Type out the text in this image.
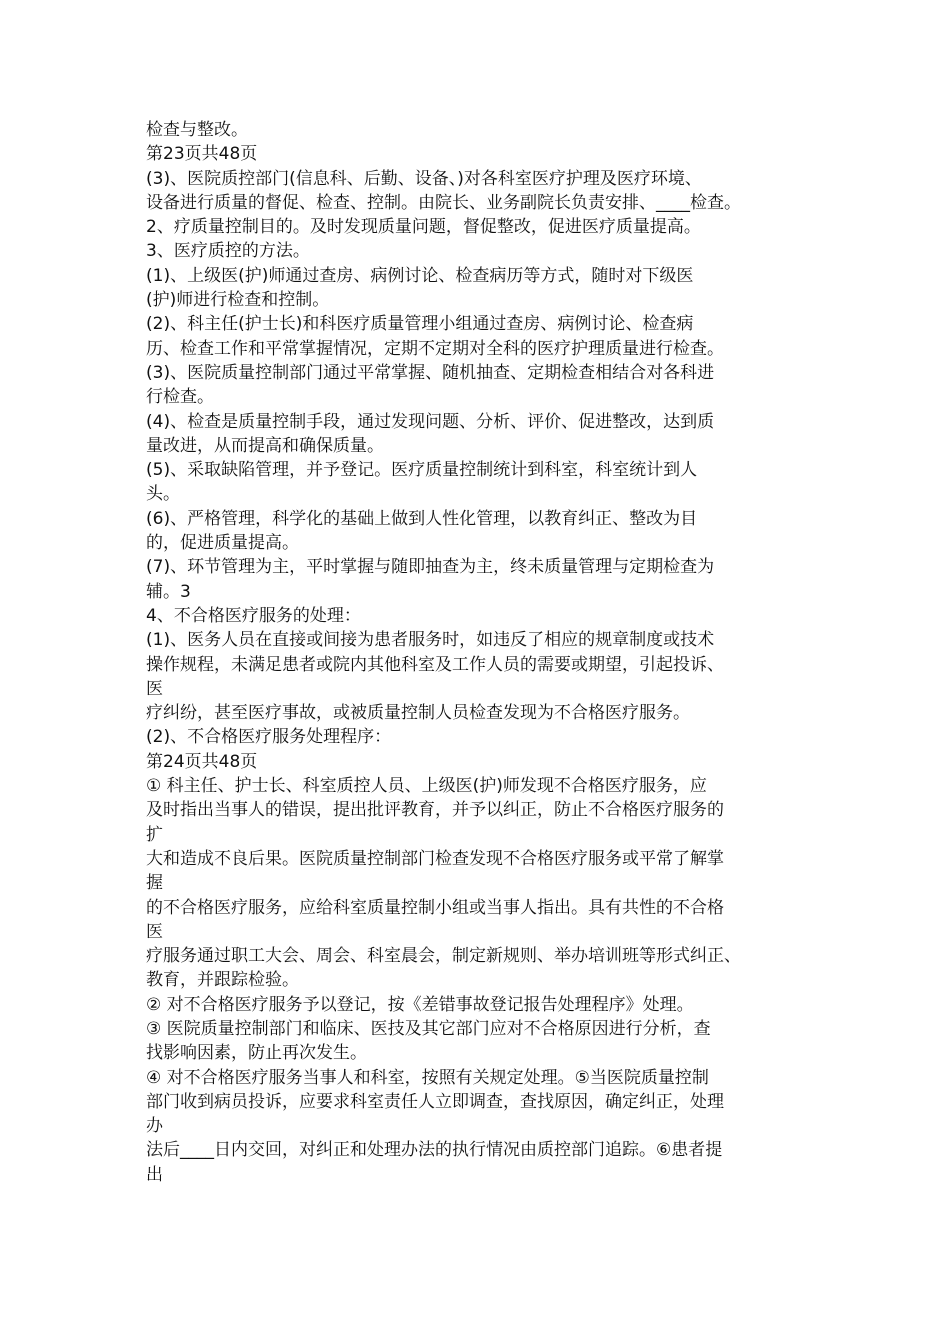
检查与整改。
第23页共48页
(3)、医院质控部门(信息科、后勤、设备、)对各科室医疗护理及医疗环境、
设备进行质量的督促、检查、控制。由院长、业务副院长负责安排、____检查。
2、疗质量控制目的。及时发现质量问题，督促整改，促进医疗质量提高。
3、医疗质控的方法。
(1)、上级医(护)师通过查房、病例讨论、检查病历等方式，随时对下级医
(护)师进行检查和控制。
(2)、科主任(护士长)和科医疗质量管理小组通过查房、病例讨论、检查病
历、检查工作和平常掌握情况，定期不定期对全科的医疗护理质量进行检查。
(3)、医院质量控制部门通过平常掌握、随机抽查、定期检查相结合对各科进
行检查。
(4)、检查是质量控制手段，通过发现问题、分析、评价、促进整改，达到质
量改进，从而提高和确保质量。
(5)、采取缺陷管理，并予登记。医疗质量控制统计到科室，科室统计到人
头。
(6)、严格管理，科学化的基础上做到人性化管理，以教育纠正、整改为目
的，促进质量提高。
(7)、环节管理为主，平时掌握与随即抽查为主，终未质量管理与定期检查为
辅。3
4、不合格医疗服务的处理：
(1)、医务人员在直接或间接为患者服务时，如违反了相应的规章制度或技术
操作规程，未满足患者或院内其他科室及工作人员的需要或期望，引起投诉、
医
疗纠纷，甚至医疗事故，或被质量控制人员检查发现为不合格医疗服务。
(2)、不合格医疗服务处理程序：
第24页共48页
① 科主任、护士长、科室质控人员、上级医(护)师发现不合格医疗服务，应
及时指出当事人的错误，提出批评教育，并予以纠正，防止不合格医疗服务的
扩
大和造成不良后果。医院质量控制部门检查发现不合格医疗服务或平常了解掌
握
的不合格医疗服务，应给科室质量控制小组或当事人指出。具有共性的不合格
医
疗服务通过职工大会、周会、科室晨会，制定新规则、举办培训班等形式纠正、
教育，并跟踪检验。
② 对不合格医疗服务予以登记，按《差错事故登记报告处理程序》处理。
③ 医院质量控制部门和临床、医技及其它部门应对不合格原因进行分析，查
找影响因素，防止再次发生。
④ 对不合格医疗服务当事人和科室，按照有关规定处理。⑤当医院质量控制
部门收到病员投诉，应要求科室责任人立即调查，查找原因，确定纠正，处理
办
法后____日内交回，对纠正和处理办法的执行情况由质控部门追踪。⑥患者提
出
